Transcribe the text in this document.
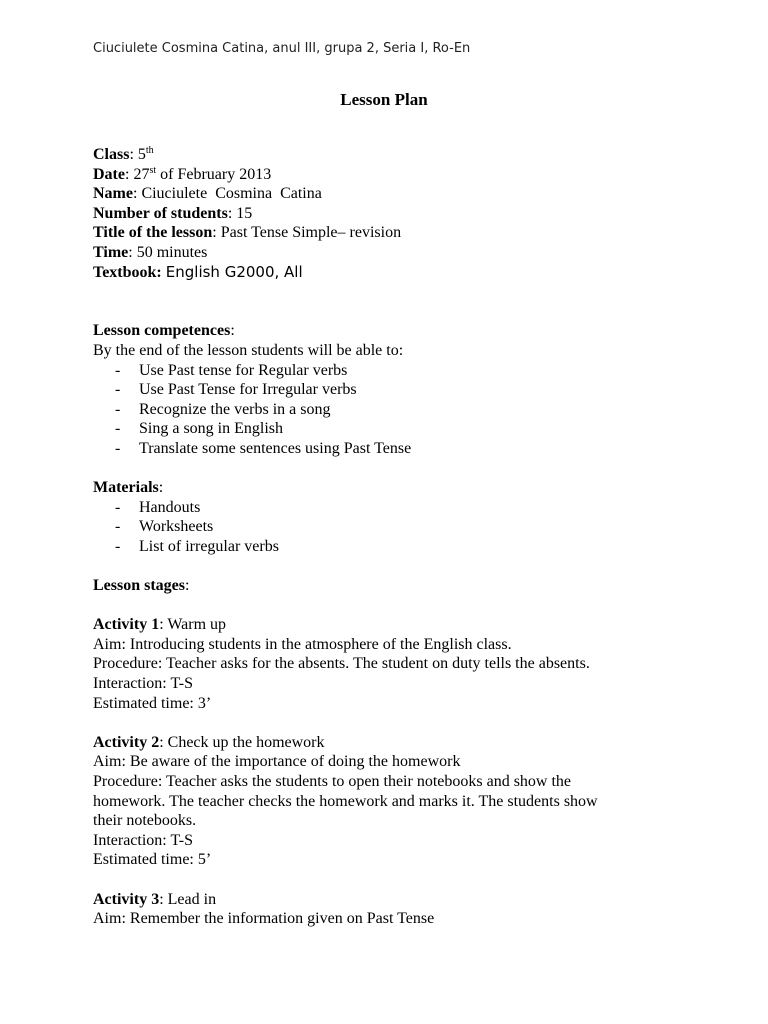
Ciuciulete Cosmina Catina, anul III, grupa 2, Seria I, Ro-En
Lesson Plan
Class: 5th
Date: 27st of February 2013
Name: Ciuciulete  Cosmina  Catina
Number of students: 15
Title of the lesson: Past Tense Simple– revision
Time: 50 minutes
Textbook: English G2000, All
Lesson competences:
By the end of the lesson students will be able to:
- Use Past tense for Regular verbs
- Use Past Tense for Irregular verbs
- Recognize the verbs in a song
- Sing a song in English
- Translate some sentences using Past Tense
Materials:
- Handouts
- Worksheets
- List of irregular verbs
Lesson stages:
Activity 1: Warm up
Aim: Introducing students in the atmosphere of the English class.
Procedure: Teacher asks for the absents. The student on duty tells the absents.
Interaction: T-S
Estimated time: 3’
Activity 2: Check up the homework
Aim: Be aware of the importance of doing the homework
Procedure: Teacher asks the students to open their notebooks and show the
homework. The teacher checks the homework and marks it. The students show
their notebooks.
Interaction: T-S
Estimated time: 5’
Activity 3: Lead in
Aim: Remember the information given on Past Tense
